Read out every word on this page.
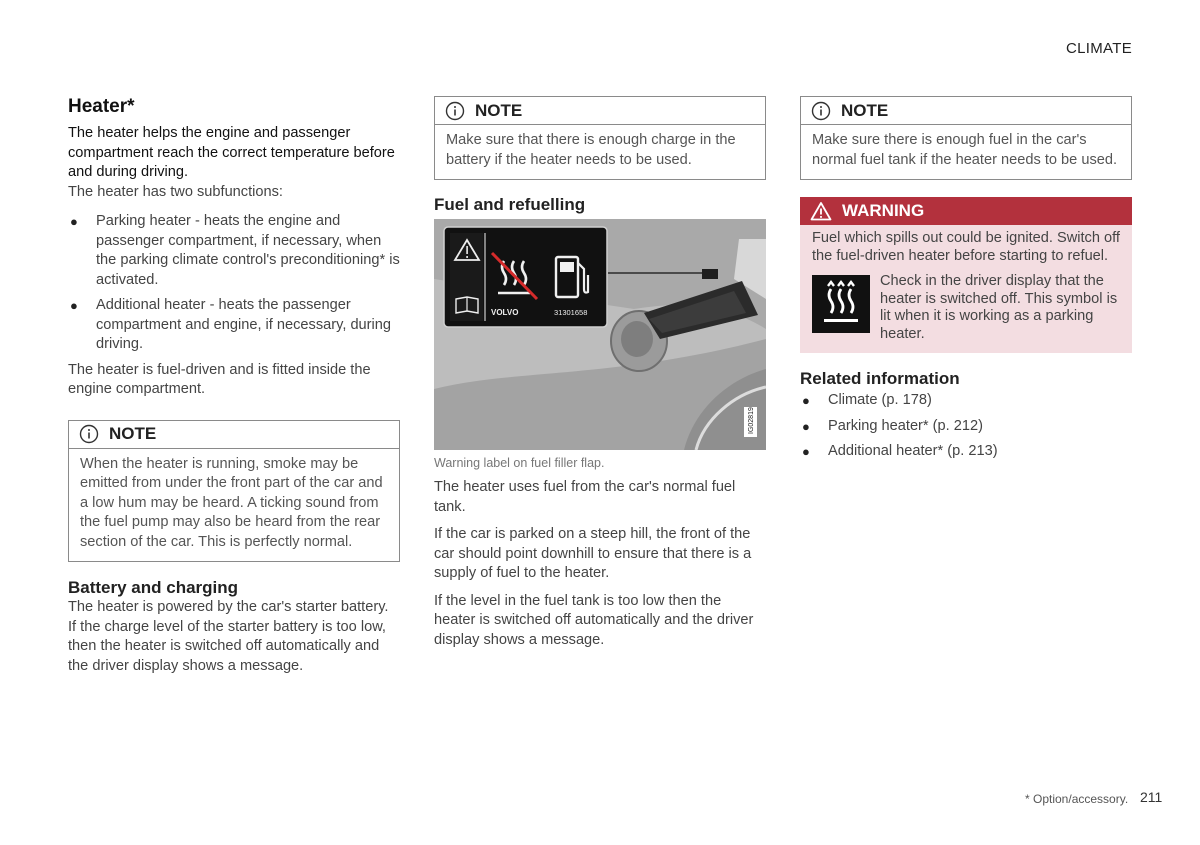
CLIMATE

Heater*

The heater helps the engine and passenger compartment reach the correct temperature before and during driving.

The heater has two subfunctions:

● Parking heater - heats the engine and passenger compartment, if necessary, when the parking climate control's preconditioning* is activated.
● Additional heater - heats the passenger compartment and engine, if necessary, during driving.

The heater is fuel-driven and is fitted inside the engine compartment.

NOTE
When the heater is running, smoke may be emitted from under the front part of the car and a low hum may be heard. A ticking sound from the fuel pump may also be heard from the rear section of the car. This is perfectly normal.

Battery and charging

The heater is powered by the car's starter battery. If the charge level of the starter battery is too low, then the heater is switched off automatically and the driver display shows a message.

NOTE
Make sure that there is enough charge in the battery if the heater needs to be used.

Fuel and refuelling

VOLVO	31301658
IG02819

Warning label on fuel filler flap.

The heater uses fuel from the car's normal fuel tank.

If the car is parked on a steep hill, the front of the car should point downhill to ensure that there is a supply of fuel to the heater.

If the level in the fuel tank is too low then the heater is switched off automatically and the driver display shows a message.

NOTE
Make sure there is enough fuel in the car's normal fuel tank if the heater needs to be used.
WARNING

Fuel which spills out could be ignited. Switch off the fuel-driven heater before starting to refuel.

Check in the driver display that the heater is switched off. This symbol is lit when it is working as a parking heater.

Related information

● Climate (p. 178)
● Parking heater* (p. 212)
● Additional heater* (p. 213)
* Option/accessory. 211
